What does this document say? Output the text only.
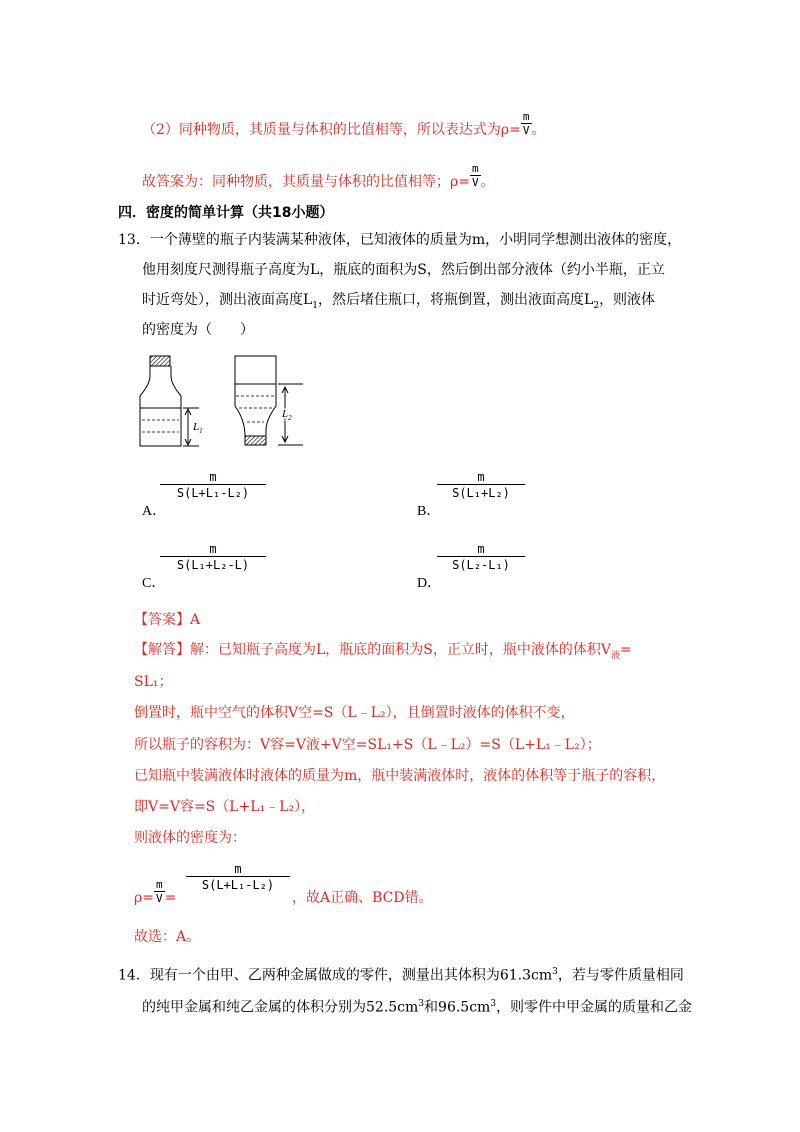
（2）同种物质，其质量与体积的比值相等，所以表达式为$\rho= \frac{m}{V}$ 。
故答案为：同种物质，其质量与体积的比值相等；$\rho= \frac{m}{V}$ 。
四．密度的简单计算（共18小题）
13．一个薄壁的瓶子内装满某种液体，已知液体的质量为m，小明同学想测出液体的密度，
他用刻度尺测得瓶子高度为L，瓶底的面积为S，然后倒出部分液体（约小半瓶，正立
时近弯处），测出液面高度$L_1$，然后堵住瓶口，将瓶倒置，测出液面高度$L_2$，则液体
的密度为（　　）
$L_1$
$L_2$
$\frac{m}{\text{S(L+L₁-L₂)}}$
A．
$\frac{m}{\text{S(L₁+L₂)}}$
B．
$\frac{m}{\text{S(L₁+L₂-L)}}$
C．
$\frac{m}{\text{S(L₂-L₁)}}$
D．
【答案】A
【解答】解：已知瓶子高度为L，瓶底的面积为S，正立时，瓶中液体的体积$V_液=$
SL₁；
倒置时，瓶中空气的体积V空=S（L﹣L₂），且倒置时液体的体积不变，
所以瓶子的容积为：V容=V液+V空=SL₁+S（L﹣L₂）=S（L+L₁﹣L₂）；
已知瓶中装满液体时液体的质量为m，瓶中装满液体时，液体的体积等于瓶子的容积，
即V=V容=S（L+L₁﹣L₂），
则液体的密度为：
$\rho= \frac{m}{V}$ =
$\frac{m}{\text{S(L+L₁-L₂)}}$
，故A正确、BCD错。
故选：A。
14．现有一个由甲、乙两种金属做成的零件，测量出其体积为$61.3cm^3$，若与零件质量相同
的纯甲金属和纯乙金属的体积分别为$52.5cm^3$和$96.5cm^3$，则零件中甲金属的质量和乙金
